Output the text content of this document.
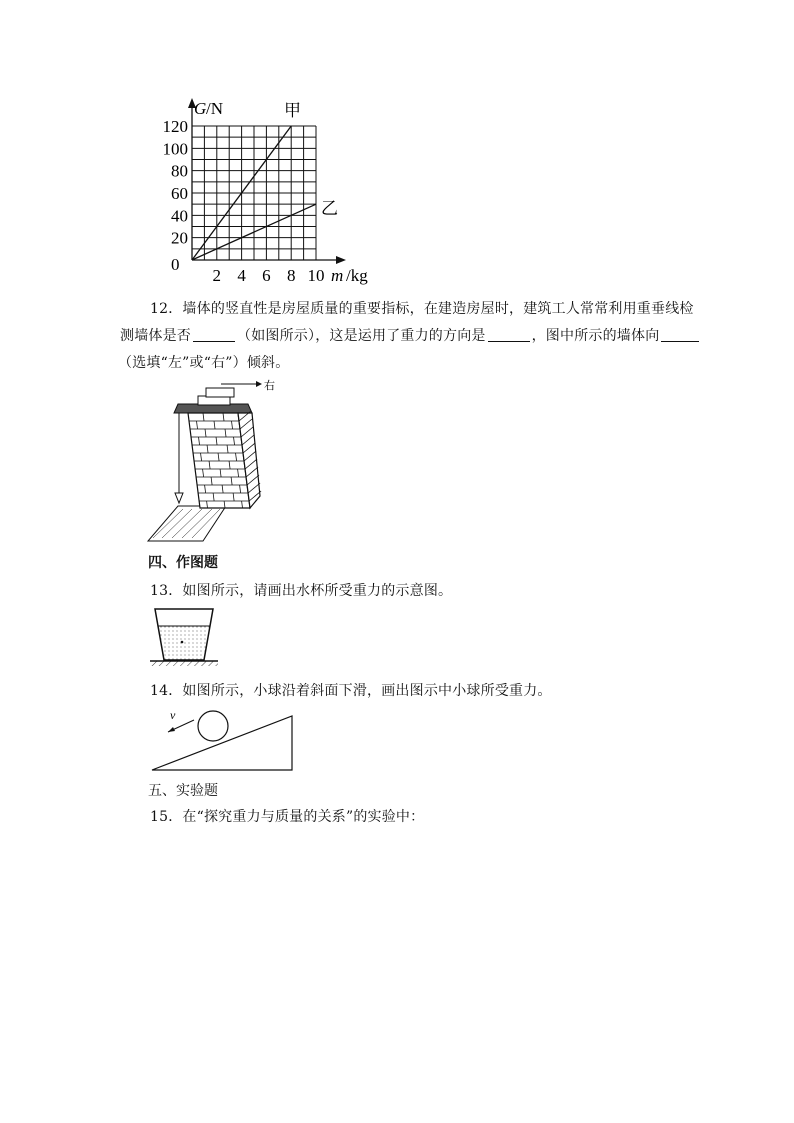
G /N
m /kg
0
甲
乙
120
100
80
60
40
20
2 4 6 8 10
12．墙体的竖直性是房屋质量的重要指标，在建造房屋时，建筑工人常常利用重垂线检
测墙体是否	（如图所示），这是运用了重力的方向是	，图中所示的墙体向
（选填“左”或“右”）倾斜。
右
四、作图题
13．如图所示，请画出水杯所受重力的示意图。
14．如图所示，小球沿着斜面下滑，画出图示中小球所受重力。
v
五、实验题
15．在“探究重力与质量的关系”的实验中：
